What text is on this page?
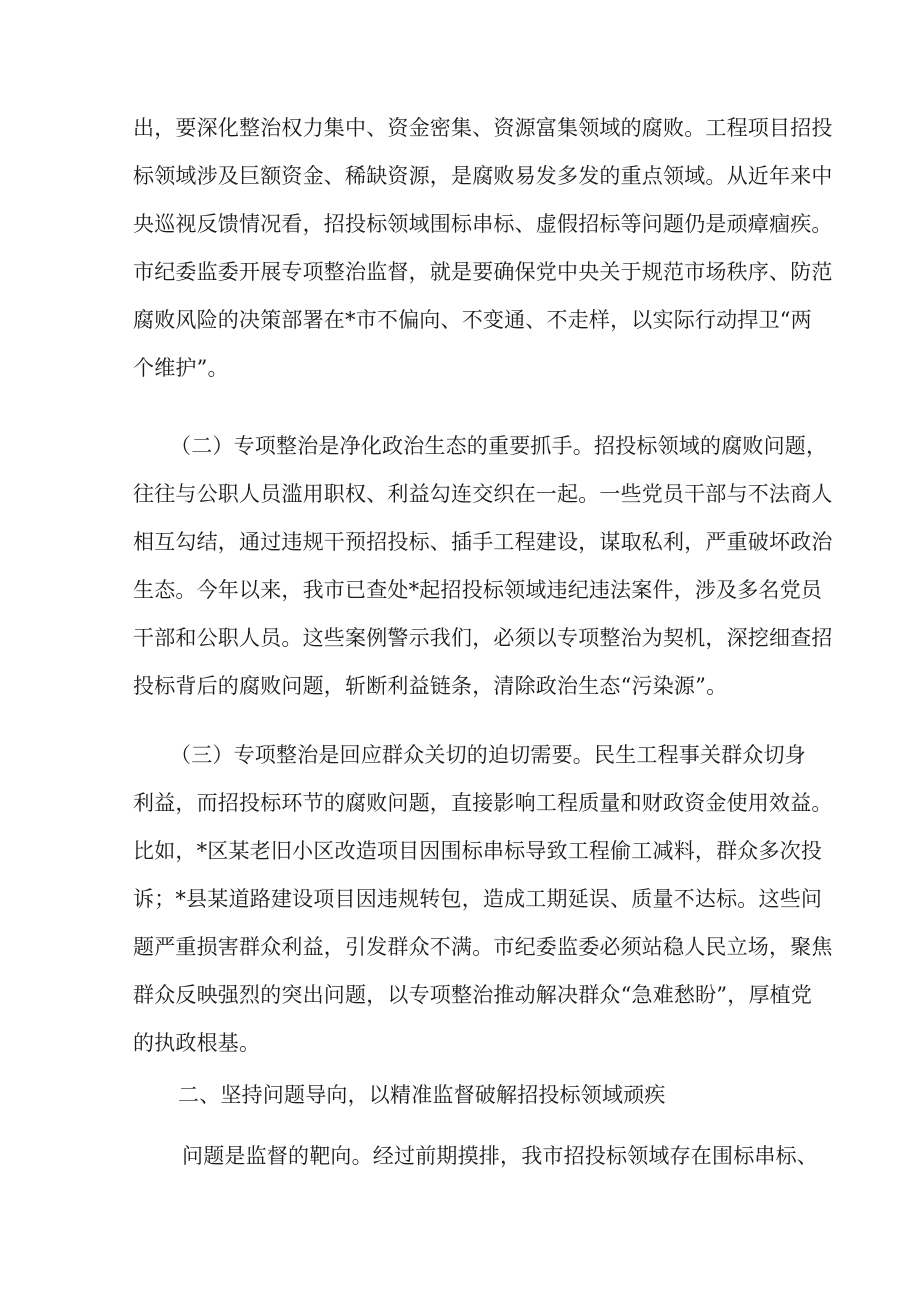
出，要深化整治权力集中、资金密集、资源富集领域的腐败。工程项目招投
标领域涉及巨额资金、稀缺资源，是腐败易发多发的重点领域。从近年来中
央巡视反馈情况看，招投标领域围标串标、虚假招标等问题仍是顽瘴痼疾。
市纪委监委开展专项整治监督，就是要确保党中央关于规范市场秩序、防范
腐败风险的决策部署在*市不偏向、不变通、不走样，以实际行动捍卫“两
个维护”。
（二）专项整治是净化政治生态的重要抓手。招投标领域的腐败问题，
往往与公职人员滥用职权、利益勾连交织在一起。一些党员干部与不法商人
相互勾结，通过违规干预招投标、插手工程建设，谋取私利，严重破坏政治
生态。今年以来，我市已查处*起招投标领域违纪违法案件，涉及多名党员
干部和公职人员。这些案例警示我们，必须以专项整治为契机，深挖细查招
投标背后的腐败问题，斩断利益链条，清除政治生态“污染源”。
（三）专项整治是回应群众关切的迫切需要。民生工程事关群众切身
利益，而招投标环节的腐败问题，直接影响工程质量和财政资金使用效益。
比如，*区某老旧小区改造项目因围标串标导致工程偷工减料，群众多次投
诉；*县某道路建设项目因违规转包，造成工期延误、质量不达标。这些问
题严重损害群众利益，引发群众不满。市纪委监委必须站稳人民立场，聚焦
群众反映强烈的突出问题，以专项整治推动解决群众“急难愁盼”，厚植党
的执政根基。
二、坚持问题导向，以精准监督破解招投标领域顽疾
问题是监督的靶向。经过前期摸排，我市招投标领域存在围标串标、
